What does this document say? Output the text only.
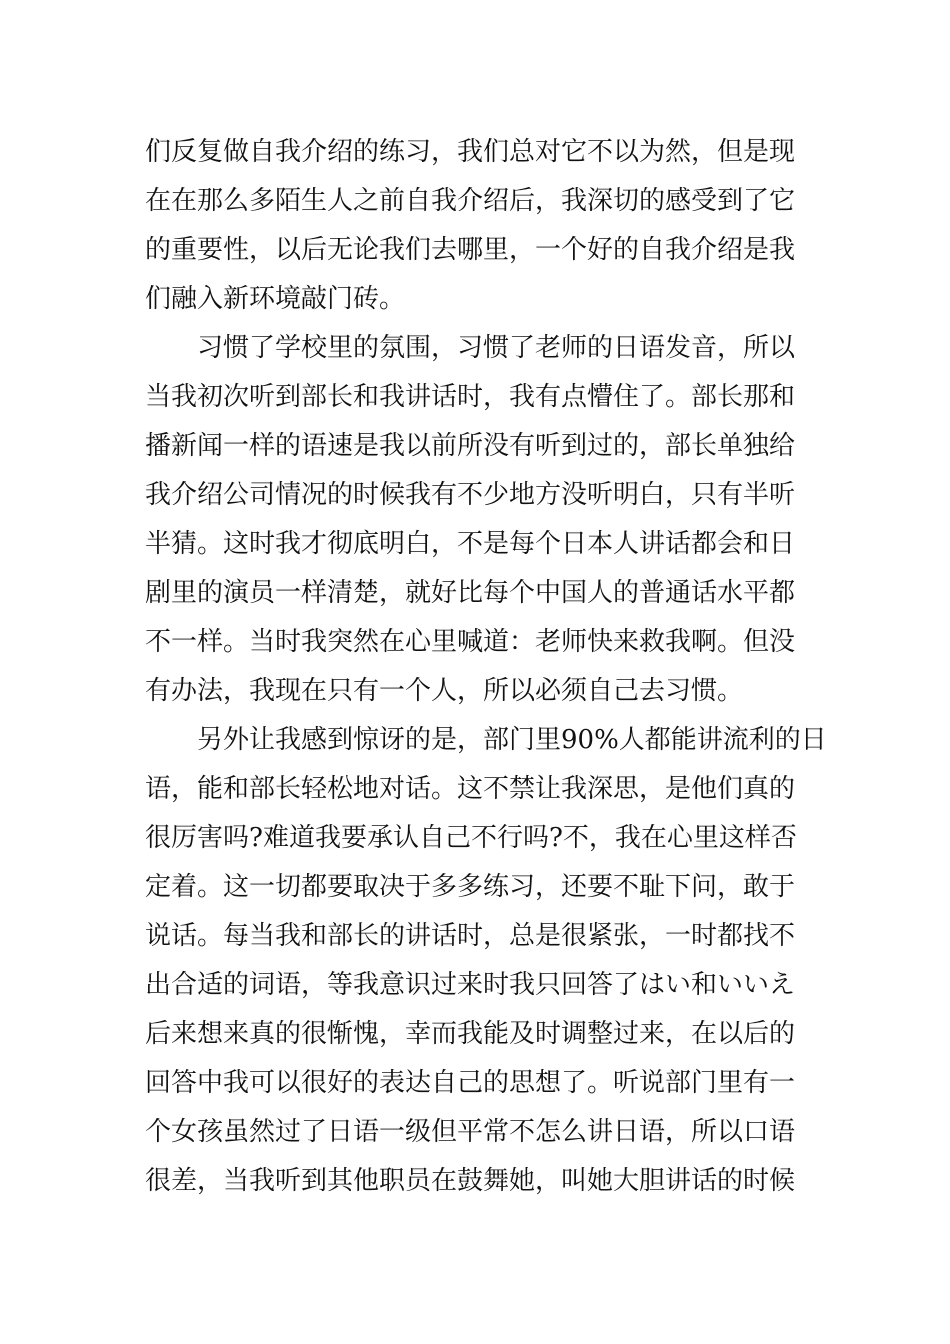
们反复做自我介绍的练习，我们总对它不以为然，但是现
在在那么多陌生人之前自我介绍后，我深切的感受到了它
的重要性，以后无论我们去哪里，一个好的自我介绍是我
们融入新环境敲门砖。
习惯了学校里的氛围，习惯了老师的日语发音，所以
当我初次听到部长和我讲话时，我有点懵住了。部长那和
播新闻一样的语速是我以前所没有听到过的，部长单独给
我介绍公司情况的时候我有不少地方没听明白，只有半听
半猜。这时我才彻底明白，不是每个日本人讲话都会和日
剧里的演员一样清楚，就好比每个中国人的普通话水平都
不一样。当时我突然在心里喊道：老师快来救我啊。但没
有办法，我现在只有一个人，所以必须自己去习惯。
另外让我感到惊讶的是，部门里90%人都能讲流利的日
语，能和部长轻松地对话。这不禁让我深思，是他们真的
很厉害吗?难道我要承认自己不行吗?不，我在心里这样否
定着。这一切都要取决于多多练习，还要不耻下问，敢于
说话。每当我和部长的讲话时，总是很紧张，一时都找不
出合适的词语，等我意识过来时我只回答了はい和いいえ
后来想来真的很惭愧，幸而我能及时调整过来，在以后的
回答中我可以很好的表达自己的思想了。听说部门里有一
个女孩虽然过了日语一级但平常不怎么讲日语，所以口语
很差，当我听到其他职员在鼓舞她，叫她大胆讲话的时候
